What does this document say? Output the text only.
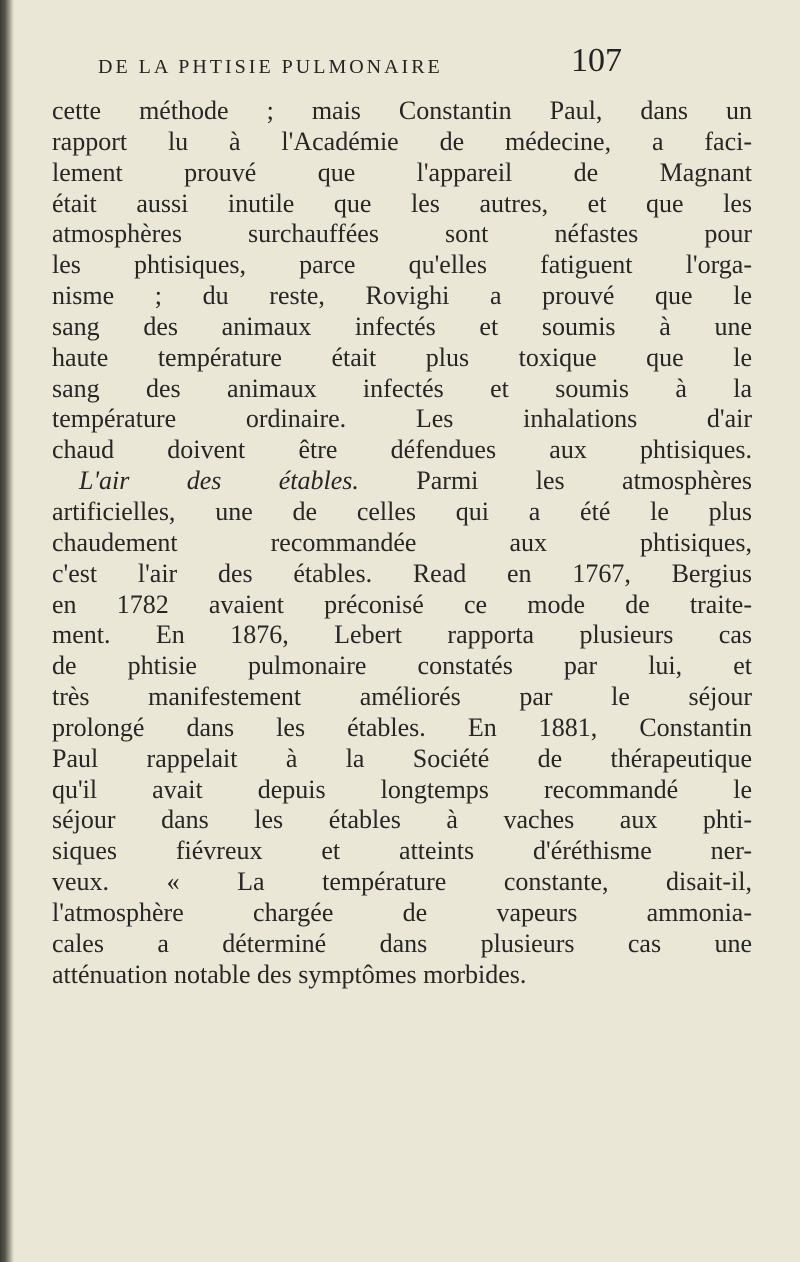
DE LA PHTISIE PULMONAIRE	107
cette méthode ; mais Constantin Paul, dans un
rapport lu à l'Académie de médecine, a faci-
lement prouvé que l'appareil de Magnant
était aussi inutile que les autres, et que les
atmosphères surchauffées sont néfastes pour
les phtisiques, parce qu'elles fatiguent l'orga-
nisme ; du reste, Rovighi a prouvé que le
sang des animaux infectés et soumis à une
haute température était plus toxique que le
sang des animaux infectés et soumis à la
température ordinaire. Les inhalations d'air
chaud doivent être défendues aux phtisiques.
L'air des étables. Parmi les atmosphères
artificielles, une de celles qui a été le plus
chaudement recommandée aux phtisiques,
c'est l'air des étables. Read en 1767, Bergius
en 1782 avaient préconisé ce mode de traite-
ment. En 1876, Lebert rapporta plusieurs cas
de phtisie pulmonaire constatés par lui, et
très manifestement améliorés par le séjour
prolongé dans les étables. En 1881, Constantin
Paul rappelait à la Société de thérapeutique
qu'il avait depuis longtemps recommandé le
séjour dans les étables à vaches aux phti-
siques fiévreux et atteints d'éréthisme ner-
veux. « La température constante, disait-il,
l'atmosphère chargée de vapeurs ammonia-
cales a déterminé dans plusieurs cas une
atténuation notable des symptômes morbides.
